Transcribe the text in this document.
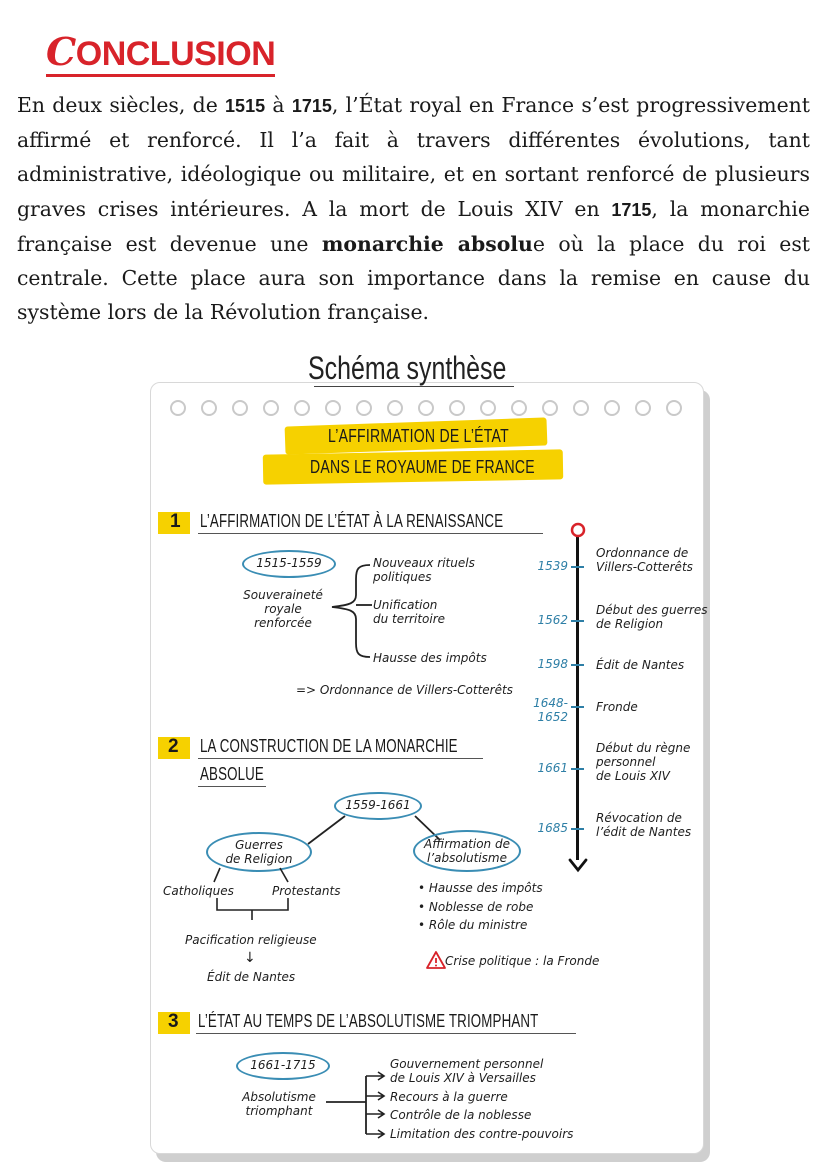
CONCLUSION
En deux siècles, de 1515 à 1715, l’État royal en France s’est progressivement affirmé et renforcé. Il l’a fait à travers différentes évolutions, tant administrative, idéologique ou militaire, et en sortant renforcé de plusieurs graves crises intérieures. A la mort de Louis XIV en 1715, la monarchie française est devenue une monarchie absolue où la place du roi est centrale. Cette place aura son importance dans la remise en cause du système lors de la Révolution française.
Schéma synthèse
L’AFFIRMATION DE L’ÉTAT
DANS LE ROYAUME DE FRANCE
1 L’AFFIRMATION DE L’ÉTAT À LA RENAISSANCE
1515-1559
Souveraineté
royale
renforcée
Nouveaux rituels
politiques
Unification
du territoire
Hausse des impôts
=> Ordonnance de Villers-Cotterêts
2 LA CONSTRUCTION DE LA MONARCHIE
ABSOLUE
1559-1661
Guerres
de Religion
Affirmation de
l’absolutisme
Catholiques	Protestants
Pacification religieuse
↓
Édit de Nantes
• Hausse des impôts
• Noblesse de robe
• Rôle du ministre
Crise politique : la Fronde
3 L’ÉTAT AU TEMPS DE L’ABSOLUTISME TRIOMPHANT
1661-1715
Absolutisme
triomphant
Gouvernement personnel
de Louis XIV à Versailles
Recours à la guerre
Contrôle de la noblesse
Limitation des contre-pouvoirs
1539
Ordonnance de
Villers-Cotterêts
1562
Début des guerres
de Religion
1598 Édit de Nantes
1648-
1652
Fronde
1661
Début du règne
personnel
de Louis XIV
1685
Révocation de
l’édit de Nantes
